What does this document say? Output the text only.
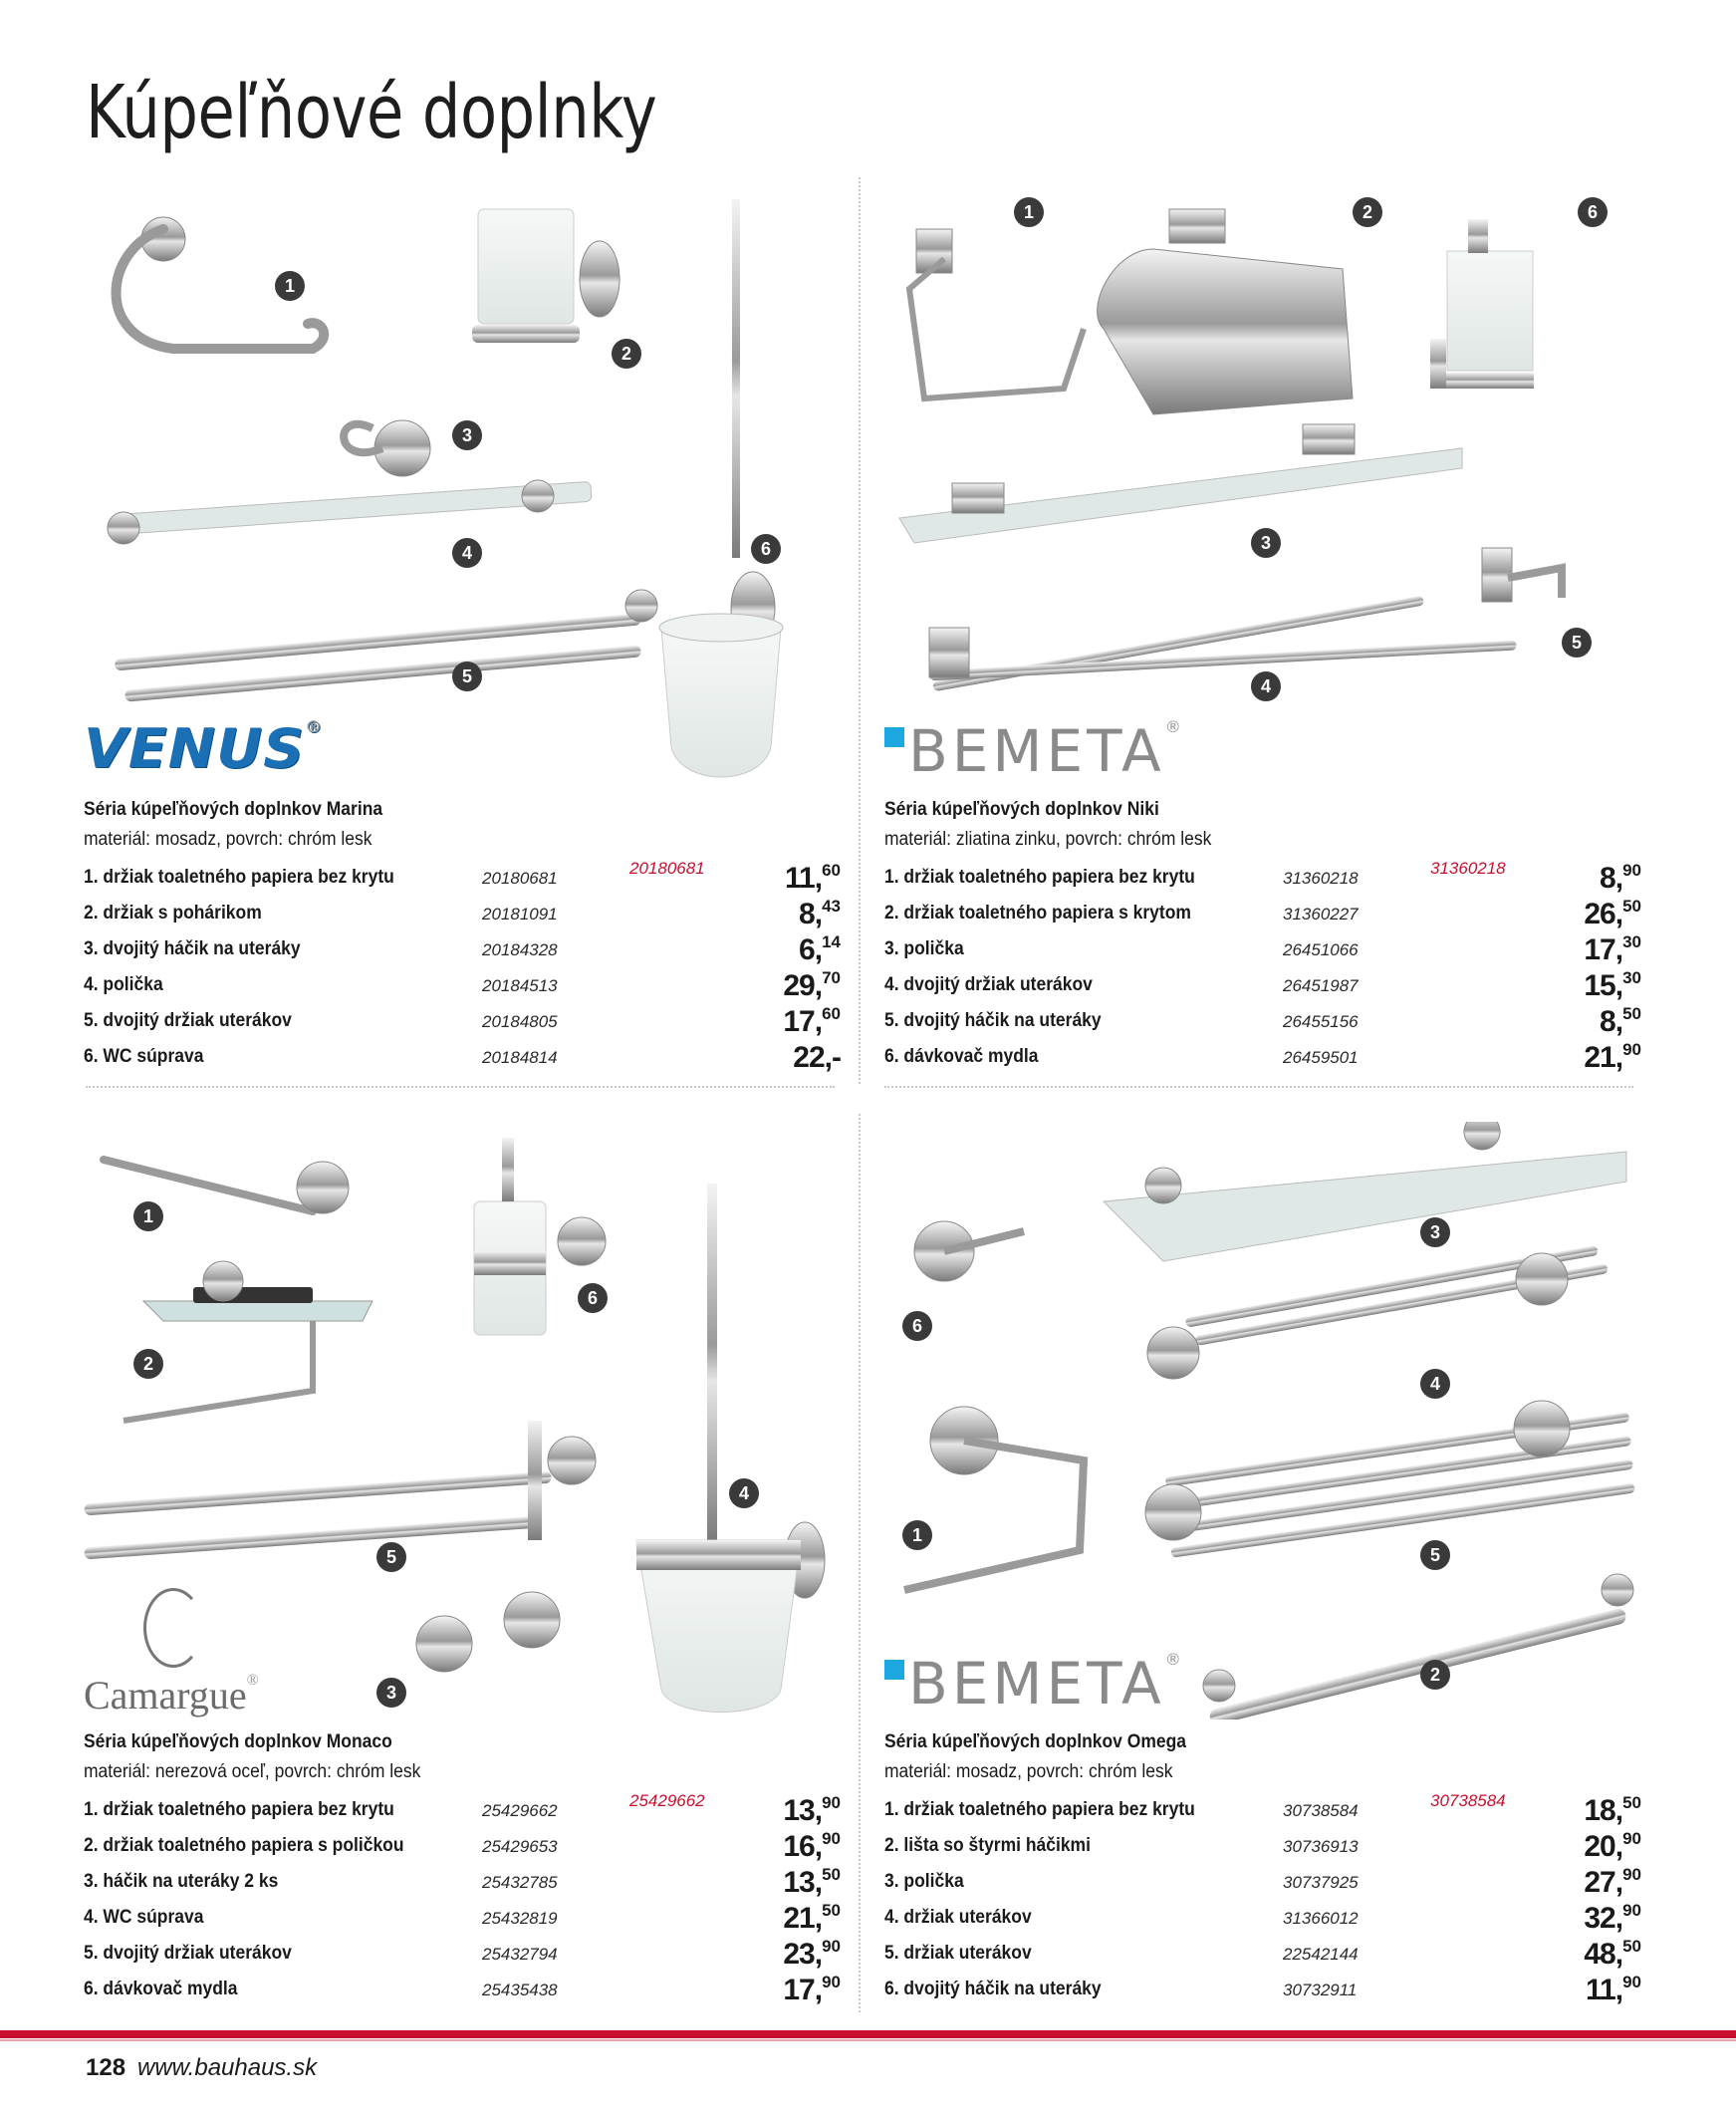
Kúpeľňové doplnky
1
2
3
4	6
5
VENUS®
Séria kúpeľňových doplnkov Marina
materiál: mosadz, povrch: chróm lesk
20180681
1. držiak toaletného papiera bez krytu	20180681	11,60
2. držiak s pohárikom	20181091	8,43
3. dvojitý háčik na uteráky	20184328	6,14
4. polička	20184513	29,70
5. dvojitý držiak uterákov	20184805	17,60
6. WC súprava	20184814	22,-
1	2	6
3
5
4
BEMETA®
Séria kúpeľňových doplnkov Niki
materiál: zliatina zinku, povrch: chróm lesk
31360218
1. držiak toaletného papiera bez krytu	31360218	8,90
2. držiak toaletného papiera s krytom	31360227	26,50
3. polička	26451066	17,30
4. dvojitý držiak uterákov	26451987	15,30
5. dvojitý háčik na uteráky	26455156	8,50
6. dávkovač mydla	26459501	21,90
1
6
2
4
5
3
Camargue®
Séria kúpeľňových doplnkov Monaco
materiál: nerezová oceľ, povrch: chróm lesk
25429662
1. držiak toaletného papiera bez krytu	25429662	13,90
2. držiak toaletného papiera s poličkou	25429653	16,90
3. háčik na uteráky 2 ks	25432785	13,50
4. WC súprava	25432819	21,50
5. dvojitý držiak uterákov	25432794	23,90
6. dávkovač mydla	25435438	17,90
3
6
4
1
5
2
BEMETA®
Séria kúpeľňových doplnkov Omega
materiál: mosadz, povrch: chróm lesk
30738584
1. držiak toaletného papiera bez krytu	30738584	18,50
2. lišta so štyrmi háčikmi	30736913	20,90
3. polička	30737925	27,90
4. držiak uterákov	31366012	32,90
5. držiak uterákov	22542144	48,50
6. dvojitý háčik na uteráky	30732911	11,90
128 www.bauhaus.sk
